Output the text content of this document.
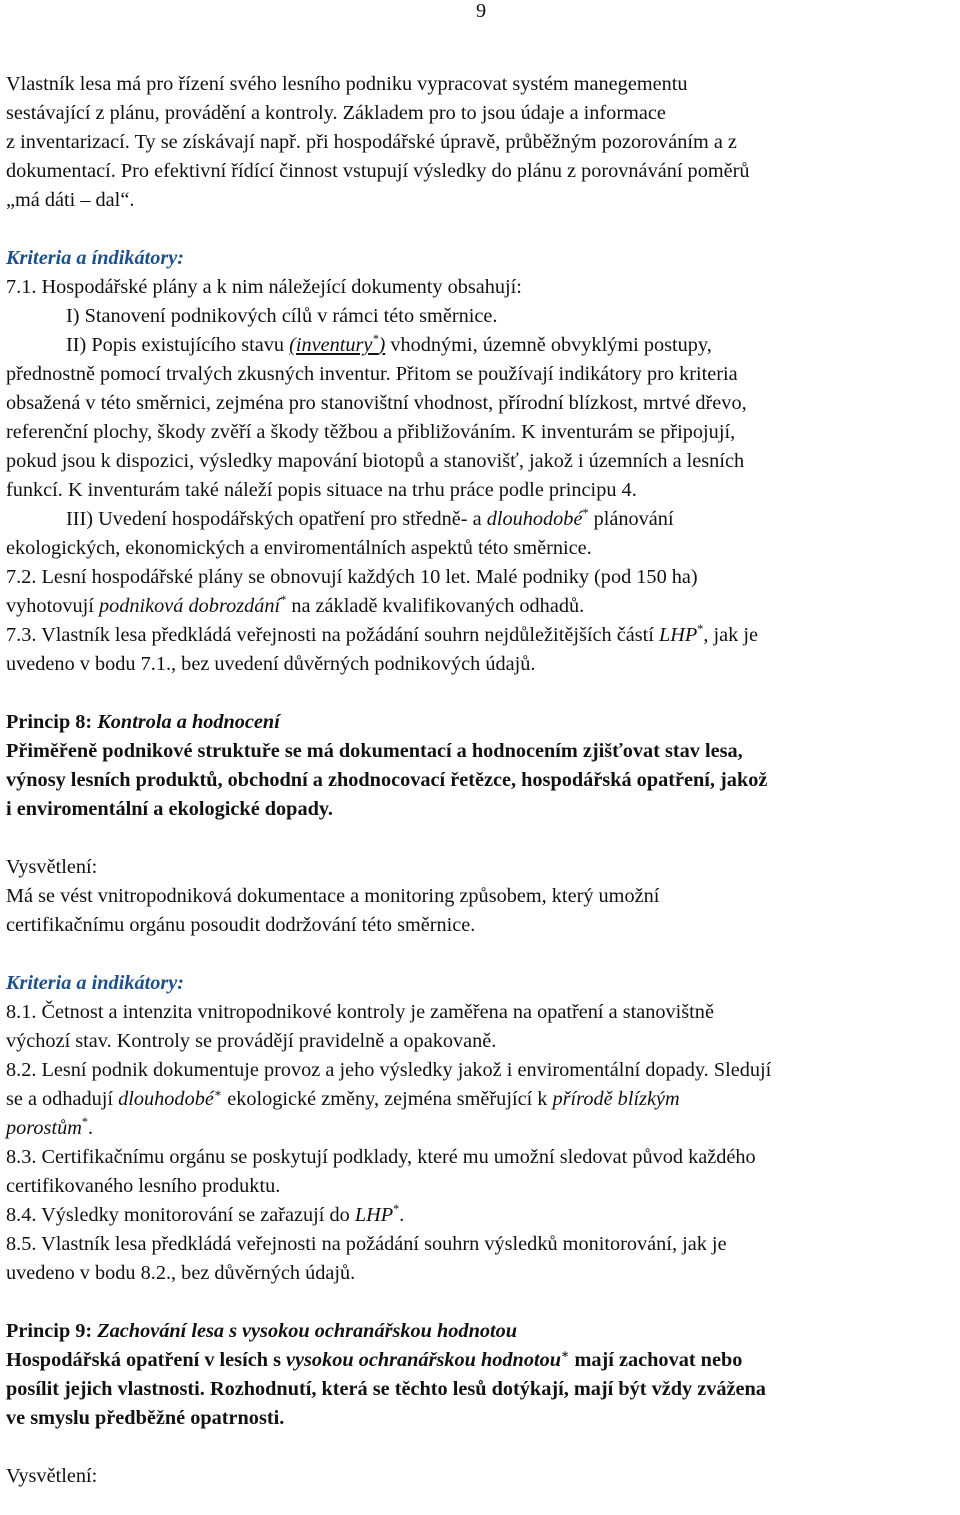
9

Vlastník lesa má pro řízení svého lesního podniku vypracovat systém manegementu

sestávající z plánu, provádění a kontroly. Základem pro to jsou údaje a informace

z inventarizací. Ty se získávají např. při hospodářské úpravě, průběžným pozorováním a z

dokumentací. Pro efektivní řídící činnost vstupují výsledky do plánu z porovnávání poměrů

„má dáti – dal“.

Kriteria a índikátory:

7.1. Hospodářské plány a k nim náležející dokumenty obsahují:

I) Stanovení podnikových cílů v rámci této směrnice.

II) Popis existujícího stavu (inventury*) vhodnými, územně obvyklými postupy,

přednostně pomocí trvalých zkusných inventur. Přitom se používají indikátory pro kriteria

obsažená v této směrnici, zejména pro stanovištní vhodnost, přírodní blízkost, mrtvé dřevo,

referenční plochy, škody zvěří a škody těžbou a přibližováním. K inventurám se připojují,

pokud jsou k dispozici, výsledky mapování biotopů a stanovišť, jakož i územních a lesních

funkcí. K inventurám také náleží popis situace na trhu práce podle principu 4.

III) Uvedení hospodářských opatření pro středně- a dlouhodobé* plánování

ekologických, ekonomických a enviromentálních aspektů této směrnice.

7.2. Lesní hospodářské plány se obnovují každých 10 let. Malé podniky (pod 150 ha)

vyhotovují podniková dobrozdání* na základě kvalifikovaných odhadů.

7.3. Vlastník lesa předkládá veřejnosti na požádání souhrn nejdůležitějších částí LHP*, jak je

uvedeno v bodu 7.1., bez uvedení důvěrných podnikových údajů.

Princip 8: Kontrola a hodnocení

Přiměřeně podnikové struktuře se má dokumentací a hodnocením zjišťovat stav lesa,

výnosy lesních produktů, obchodní a zhodnocovací řetězce, hospodářská opatření, jakož

i enviromentální a ekologické dopady.

Vysvětlení:

Má se vést vnitropodniková dokumentace a monitoring způsobem, který umožní

certifikačnímu orgánu posoudit dodržování této směrnice.

Kriteria a indikátory:

8.1. Četnost a intenzita vnitropodnikové kontroly je zaměřena na opatření a stanovištně

výchozí stav. Kontroly se provádějí pravidelně a opakovaně.

8.2. Lesní podnik dokumentuje provoz a jeho výsledky jakož i enviromentální dopady. Sledují

se a odhadují dlouhodobé∗ ekologické změny, zejména směřující k přírodě blízkým

porostům*.

8.3. Certifikačnímu orgánu se poskytují podklady, které mu umožní sledovat původ každého

certifikovaného lesního produktu.

8.4. Výsledky monitorování se zařazují do LHP*.

8.5. Vlastník lesa předkládá veřejnosti na požádání souhrn výsledků monitorování, jak je

uvedeno v bodu 8.2., bez důvěrných údajů.

Princip 9: Zachování lesa s vysokou ochranářskou hodnotou

Hospodářská opatření v lesích s vysokou ochranářskou hodnotou∗ mají zachovat nebo

posílit jejich vlastnosti. Rozhodnutí, která se těchto lesů dotýkají, mají být vždy zvážena

ve smyslu předběžné opatrnosti.

Vysvětlení:
